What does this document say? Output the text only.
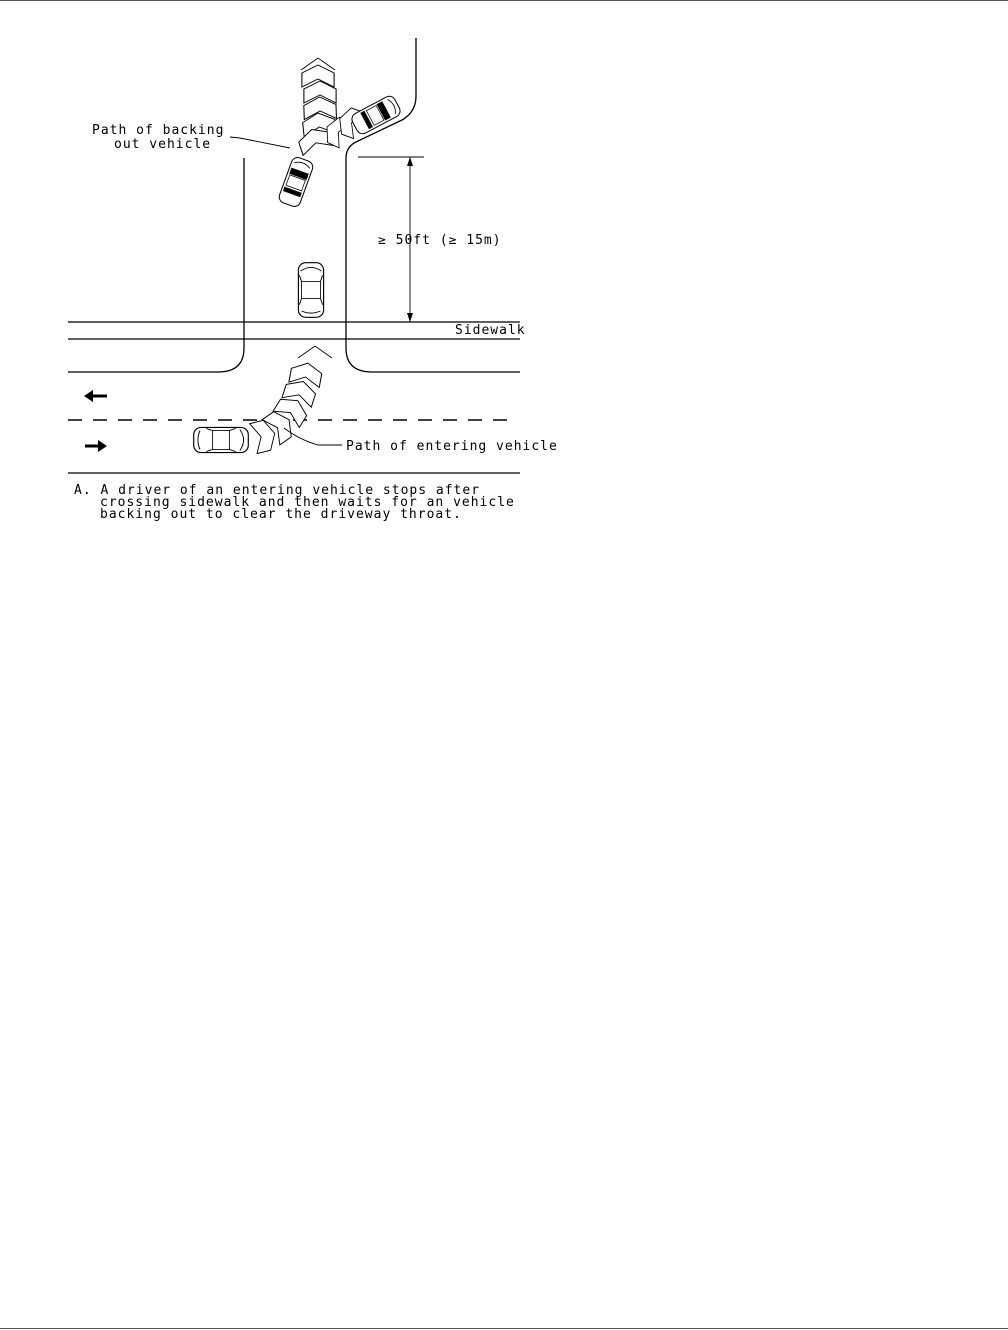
Path of backing
out vehicle
≥ 50ft (≥ 15m)
Sidewalk
Path of entering vehicle
A. A driver of an entering vehicle stops after
crossing sidewalk and then waits for an vehicle
backing out to clear the driveway throat.
